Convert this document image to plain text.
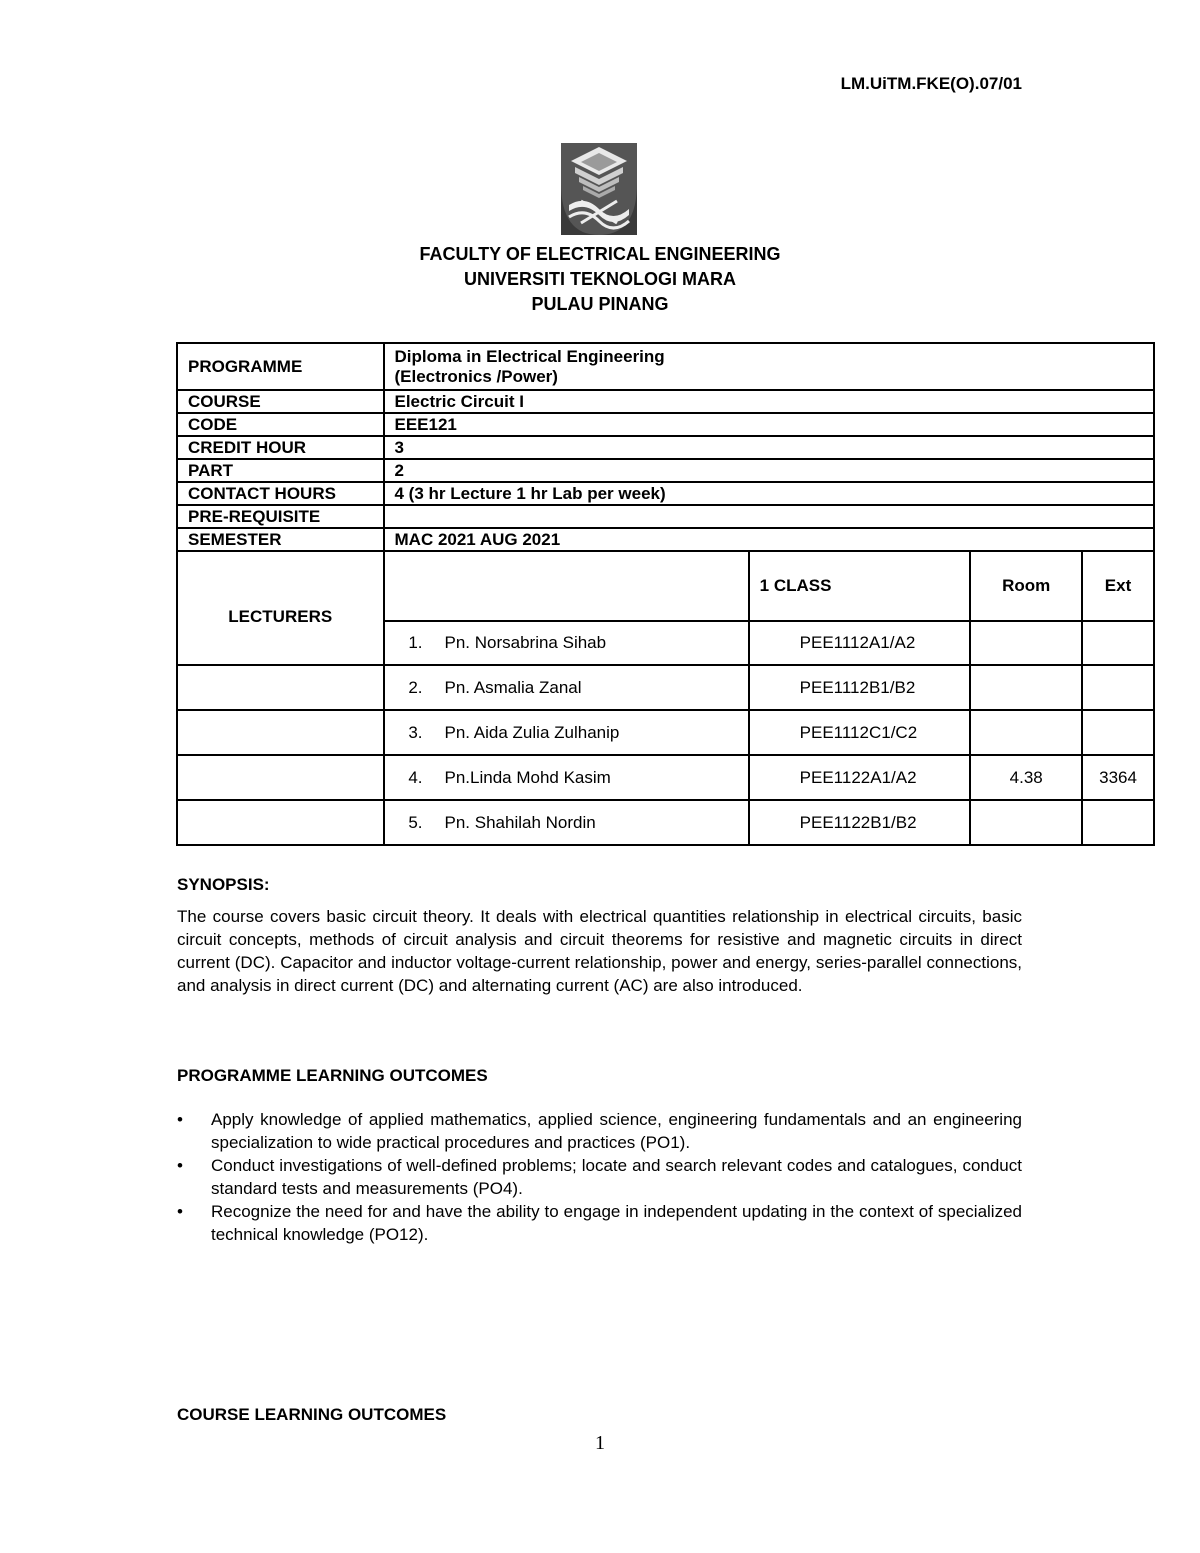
LM.UiTM.FKE(O).07/01
FACULTY OF ELECTRICAL ENGINEERING
UNIVERSITI TEKNOLOGI MARA
PULAU PINANG
PROGRAMME	Diploma in Electrical Engineering
(Electronics /Power)			

COURSE	Electric Circuit I			
CODE	EEE121			
CREDIT HOUR	3			
PART	2			
CONTACT HOURS	4 (3 hr Lecture 1 hr Lab per week)			
PRE-REQUISITE				
SEMESTER	MAC 2021 AUG 2021			
LECTURERS		1 CLASS	Room	Ext
	1. Pn. Norsabrina Sihab	PEE1112A1/A2		
	2. Pn. Asmalia Zanal	PEE1112B1/B2		
	3. Pn. Aida Zulia Zulhanip	PEE1112C1/C2		
	4. Pn.Linda Mohd Kasim	PEE1122A1/A2	4.38	3364
	5. Pn. Shahilah Nordin	PEE1122B1/B2		
SYNOPSIS:
The course covers basic circuit theory. It deals with electrical quantities relationship in electrical circuits, basic circuit concepts, methods of circuit analysis and circuit theorems for resistive and magnetic circuits in direct current (DC). Capacitor and inductor voltage-current relationship, power and energy, series-parallel connections, and analysis in direct current (DC) and alternating current (AC) are also introduced.
PROGRAMME LEARNING OUTCOMES
• Apply knowledge of applied mathematics, applied science, engineering fundamentals and an engineering specialization to wide practical procedures and practices (PO1).
• Conduct investigations of well-defined problems; locate and search relevant codes and catalogues, conduct standard tests and measurements (PO4).
• Recognize the need for and have the ability to engage in independent updating in the context of specialized technical knowledge (PO12).
COURSE LEARNING OUTCOMES
1
